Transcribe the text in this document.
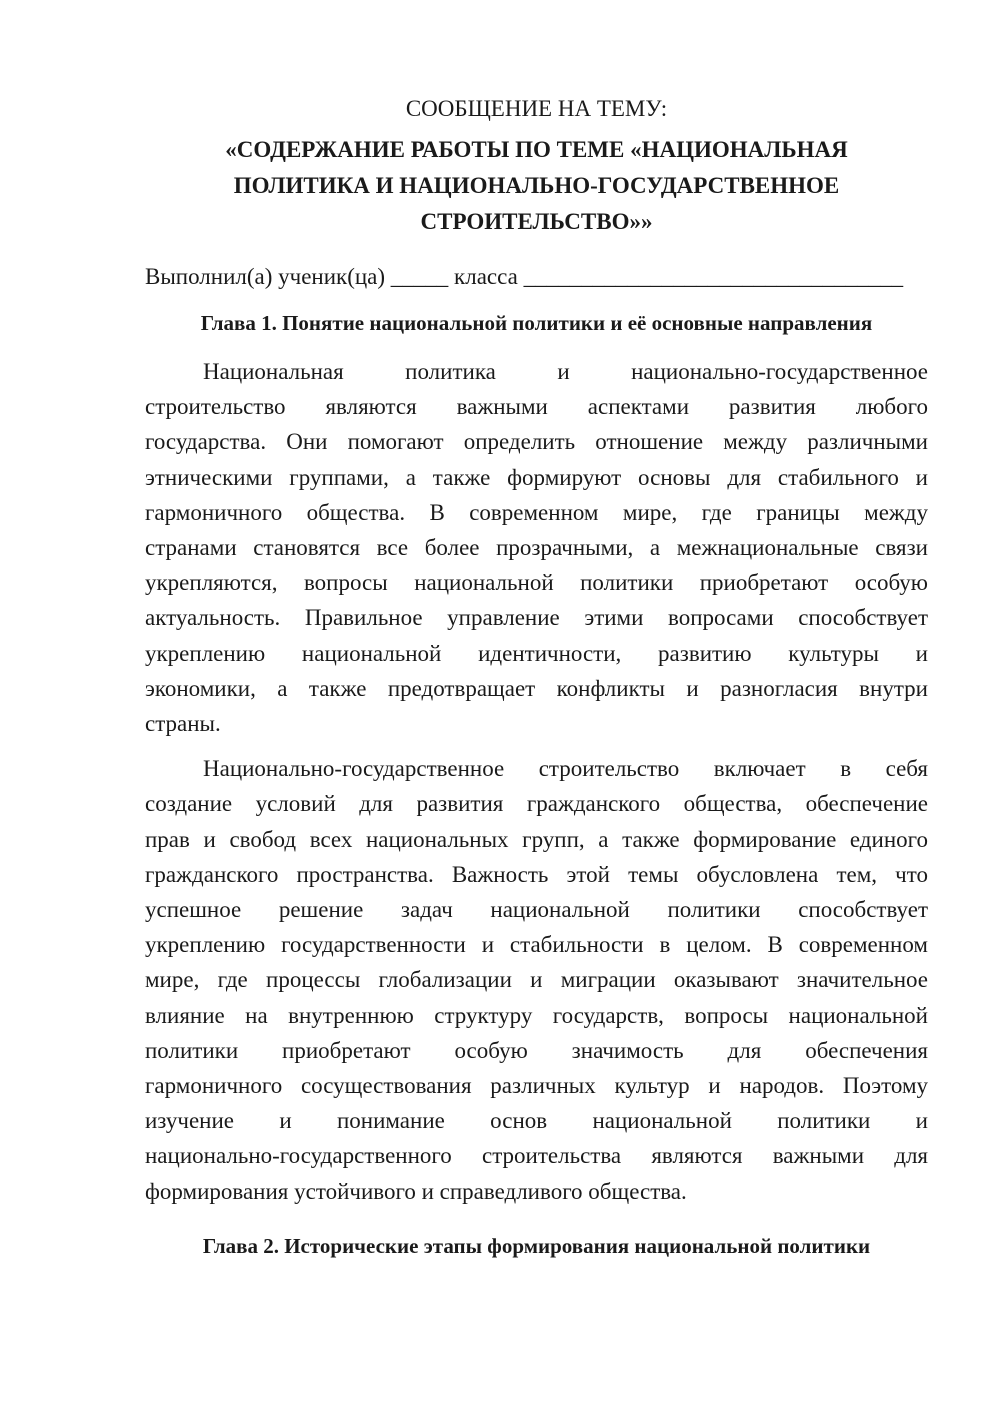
СООБЩЕНИЕ НА ТЕМУ:
«СОДЕРЖАНИЕ РАБОТЫ ПО ТЕМЕ «НАЦИОНАЛЬНАЯ
ПОЛИТИКА И НАЦИОНАЛЬНО-ГОСУДАРСТВЕННОЕ
СТРОИТЕЛЬСТВО»»
Выполнил(а) ученик(ца) _____ класса _________________________________
Глава 1. Понятие национальной политики и её основные направления

Национальная политика и национально-государственное
строительство являются важными аспектами развития любого
государства. Они помогают определить отношение между различными
этническими группами, а также формируют основы для стабильного и
гармоничного общества. В современном мире, где границы между
странами становятся все более прозрачными, а межнациональные связи
укрепляются, вопросы национальной политики приобретают особую
актуальность. Правильное управление этими вопросами способствует
укреплению национальной идентичности, развитию культуры и
экономики, а также предотвращает конфликты и разногласия внутри
страны.

Национально-государственное строительство включает в себя
создание условий для развития гражданского общества, обеспечение
прав и свобод всех национальных групп, а также формирование единого
гражданского пространства. Важность этой темы обусловлена тем, что
успешное решение задач национальной политики способствует
укреплению государственности и стабильности в целом. В современном
мире, где процессы глобализации и миграции оказывают значительное
влияние на внутреннюю структуру государств, вопросы национальной
политики приобретают особую значимость для обеспечения
гармоничного сосуществования различных культур и народов. Поэтому
изучение и понимание основ национальной политики и
национально-государственного строительства являются важными для
формирования устойчивого и справедливого общества.

Глава 2. Исторические этапы формирования национальной политики
